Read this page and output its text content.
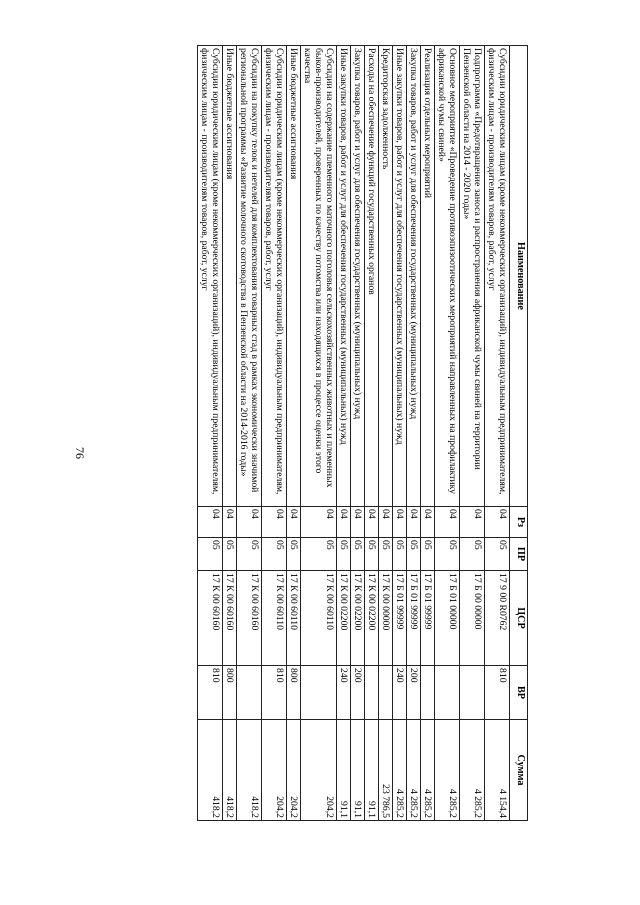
76
Наименование	Рз	ПР	ЦСР	ВР	Сумма
Субсидии юридическим лицам (кроме некоммерческих организаций), индивидуальным предпринимателям, физическим лицам - производителям товаров, работ, услуг	04	05	17 9 00 R0762	810	4 154,4
Подпрограмма «Предотвращение заноса и распространения африканской чумы свиней на территории Пензенской области на 2014 - 2020 годы»	04	05	17 Б 00 00000		4 285,2
Основное мероприятие «Проведение противоэпизоотических мероприятий направленных на профилактику африканской чумы свиней»	04	05	17 Б 01 00000		4 285,2
Реализация отдельных мероприятий	04	05	17 Б 01 99999		4 285,2
Закупка товаров, работ и услуг для обеспечения государственных (муниципальных) нужд	04	05	17 Б 01 99999	200	4 285,2
Иные закупки товаров, работ и услуг для обеспечения государственных (муниципальных) нужд	04	05	17 Б 01 99999	240	4 285,2
Кредиторская задолженность	04	05	17 К 00 00000		23 786,5
Расходы на обеспечение функций государственных органов	04	05	17 К 00 02200		91,1
Закупка товаров, работ и услуг для обеспечения государственных (муниципальных) нужд	04	05	17 К 00 02200	200	91,1
Иные закупки товаров, работ и услуг для обеспечения государственных (муниципальных) нужд	04	05	17 К 00 02200	240	91,1
Субсидии на содержание племенного маточного поголовья сельскохозяйственных животных и племенных быков-производителей, проверенных по качеству потомства или находящихся в процессе оценки этого качества	04	05	17 К 00 60110		204,2
Иные бюджетные ассигнования	04	05	17 К 00 60110	800	204,2
Субсидии юридическим лицам (кроме некоммерческих организаций), индивидуальным предпринимателям, физическим лицам - производителям товаров, работ, услуг	04	05	17 К 00 60110	810	204,2
Субсидии на покупку телок и нетелей для комплектования товарных стад в рамках экономически значимой региональной программы «Развитие молочного скотоводства в Пензенской области на 2014-2016 годы»	04	05	17 К 00 60160		418,2
Иные бюджетные ассигнования	04	05	17 К 00 60160	800	418,2
Субсидии юридическим лицам (кроме некоммерческих организаций), индивидуальным предпринимателям, физическим лицам - производителям товаров, работ, услуг	04	05	17 К 00 60160	810	418,2
